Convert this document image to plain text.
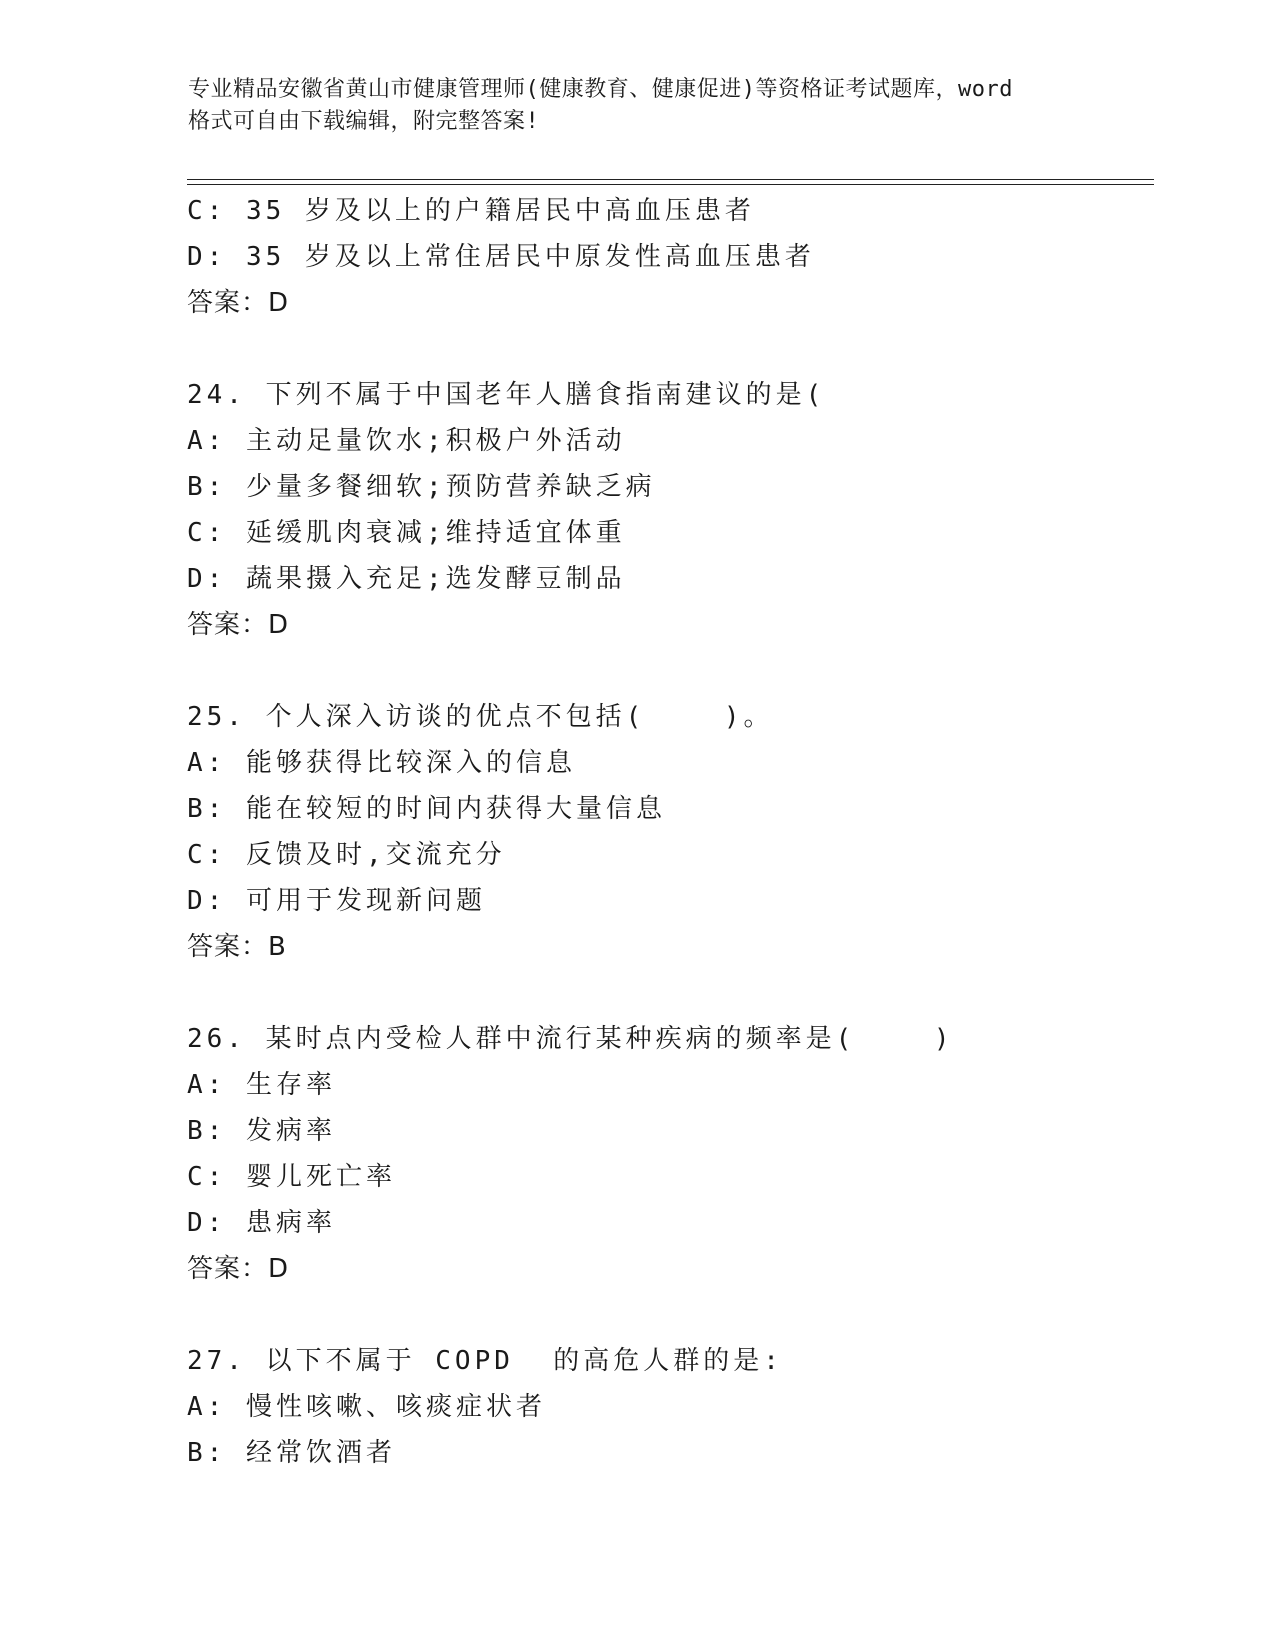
专业精品安徽省黄山市健康管理师(健康教育、健康促进)等资格证考试题库，word
格式可自由下载编辑，附完整答案!
C: 35 岁及以上的户籍居民中高血压患者
D: 35 岁及以上常住居民中原发性高血压患者
答案：D
24. 下列不属于中国老年人膳食指南建议的是(
A: 主动足量饮水;积极户外活动
B: 少量多餐细软;预防营养缺乏病
C: 延缓肌肉衰减;维持适宜体重
D: 蔬果摄入充足;选发酵豆制品
答案：D
25. 个人深入访谈的优点不包括(    )。
A: 能够获得比较深入的信息
B: 能在较短的时间内获得大量信息
C: 反馈及时,交流充分
D: 可用于发现新问题
答案：B
26. 某时点内受检人群中流行某种疾病的频率是(    )
A: 生存率
B: 发病率
C: 婴儿死亡率
D: 患病率
答案：D
27. 以下不属于 COPD  的高危人群的是:
A: 慢性咳嗽、咳痰症状者
B: 经常饮酒者
